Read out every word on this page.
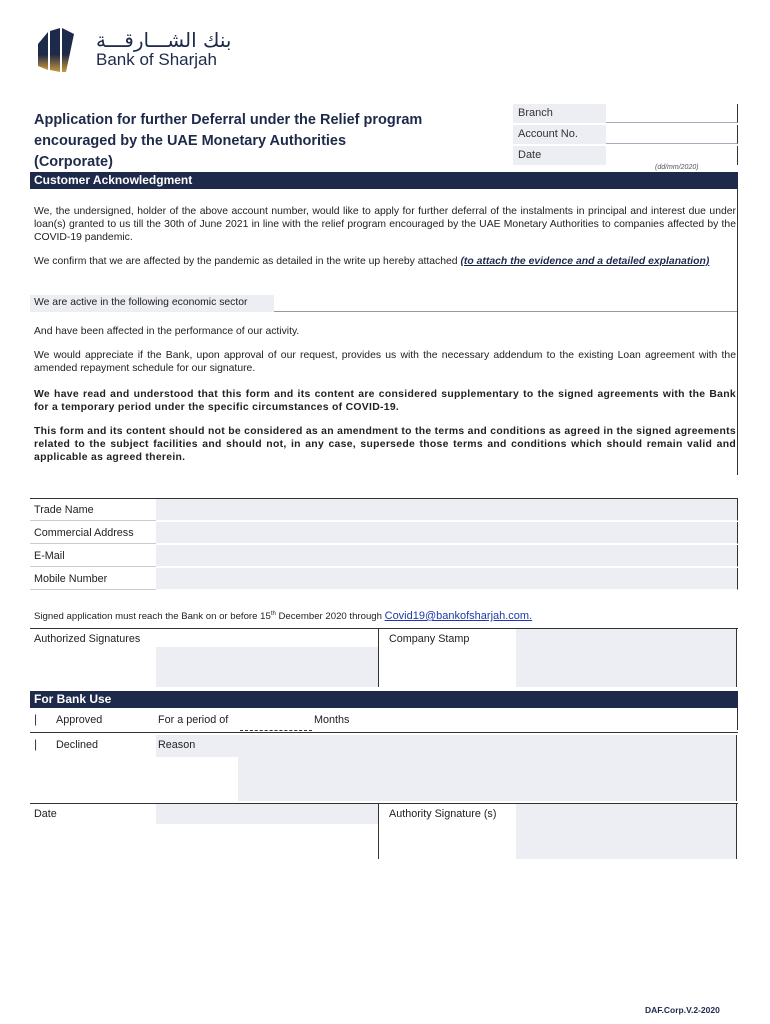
بنك الشـــارقـــة
Bank of Sharjah
Application for further Deferral under the Relief program
encouraged by the UAE Monetary Authorities
(Corporate)
Branch
Account No.
Date
(dd/mm/2020)
Customer Acknowledgment
We, the undersigned, holder of the above account number, would like to apply for further deferral of the instalments in principal and interest due under loan(s) granted to us till the 30th of June 2021 in line with the relief program encouraged by the UAE Monetary Authorities to companies affected by the COVID-19 pandemic.
We confirm that we are affected by the pandemic as detailed in the write up hereby attached (to attach the evidence and a detailed explanation)
We are active in the following economic sector
And have been affected in the performance of our activity.
We would appreciate if the Bank, upon approval of our request, provides us with the necessary addendum to the existing Loan agreement with the amended repayment schedule for our signature.
We have read and understood that this form and its content are considered supplementary to the signed agreements with the Bank for a temporary period under the specific circumstances of COVID-19.
This form and its content should not be considered as an amendment to the terms and conditions as agreed in the signed agreements related to the subject facilities and should not, in any case, supersede those terms and conditions which should remain valid and applicable as agreed therein.
Trade Name
Commercial Address
E-Mail
Mobile Number
Signed application must reach the Bank on or before 15th December 2020 through Covid19@bankofsharjah.com.
Authorized Signatures	Company Stamp
For Bank Use
| Approved	For a period of	Months
| Declined	Reason
Date	Authority Signature (s)
DAF.Corp.V.2-2020
